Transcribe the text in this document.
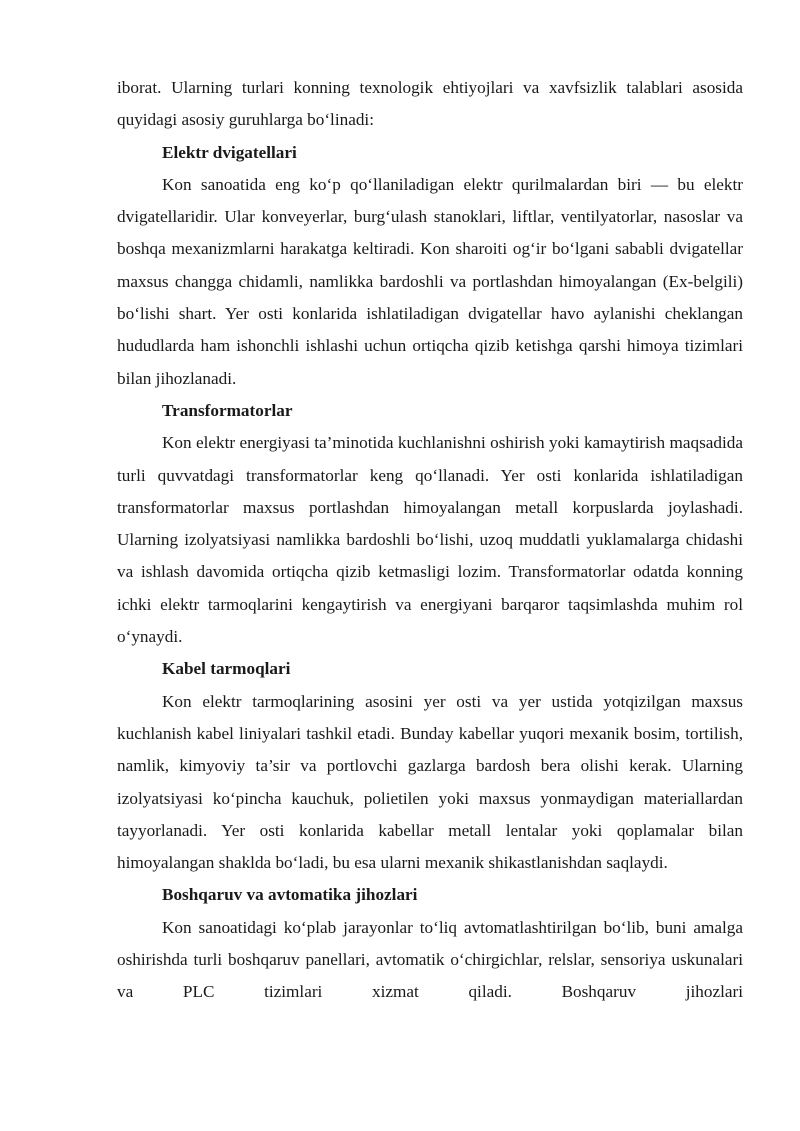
iborat. Ularning turlari konning texnologik ehtiyojlari va xavfsizlik talablari asosida quyidagi asosiy guruhlarga bo‘linadi:

Elektr dvigatellari

Kon sanoatida eng ko‘p qo‘llaniladigan elektr qurilmalardan biri — bu elektr dvigatellaridir. Ular konveyerlar, burg‘ulash stanoklari, liftlar, ventilyatorlar, nasoslar va boshqa mexanizmlarni harakatga keltiradi. Kon sharoiti og‘ir bo‘lgani sababli dvigatellar maxsus changga chidamli, namlikka bardoshli va portlashdan himoyalangan (Ex-belgili) bo‘lishi shart. Yer osti konlarida ishlatiladigan dvigatellar havo aylanishi cheklangan hududlarda ham ishonchli ishlashi uchun ortiqcha qizib ketishga qarshi himoya tizimlari bilan jihozlanadi.

Transformatorlar

Kon elektr energiyasi ta’minotida kuchlanishni oshirish yoki kamaytirish maqsadida turli quvvatdagi transformatorlar keng qo‘llanadi. Yer osti konlarida ishlatiladigan transformatorlar maxsus portlashdan himoyalangan metall korpuslarda joylashadi. Ularning izolyatsiyasi namlikka bardoshli bo‘lishi, uzoq muddatli yuklamalarga chidashi va ishlash davomida ortiqcha qizib ketmasligi lozim. Transformatorlar odatda konning ichki elektr tarmoqlarini kengaytirish va energiyani barqaror taqsimlashda muhim rol o‘ynaydi.

Kabel tarmoqlari

Kon elektr tarmoqlarining asosini yer osti va yer ustida yotqizilgan maxsus kuchlanish kabel liniyalari tashkil etadi. Bunday kabellar yuqori mexanik bosim, tortilish, namlik, kimyoviy ta’sir va portlovchi gazlarga bardosh bera olishi kerak. Ularning izolyatsiyasi ko‘pincha kauchuk, polietilen yoki maxsus yonmaydigan materiallardan tayyorlanadi. Yer osti konlarida kabellar metall lentalar yoki qoplamalar bilan himoyalangan shaklda bo‘ladi, bu esa ularni mexanik shikastlanishdan saqlaydi.

Boshqaruv va avtomatika jihozlari

Kon sanoatidagi ko‘plab jarayonlar to‘liq avtomatlashtirilgan bo‘lib, buni amalga oshirishda turli boshqaruv panellari, avtomatik o‘chirgichlar, relslar, sensoriya uskunalari va PLC tizimlari xizmat qiladi. Boshqaruv jihozlari
